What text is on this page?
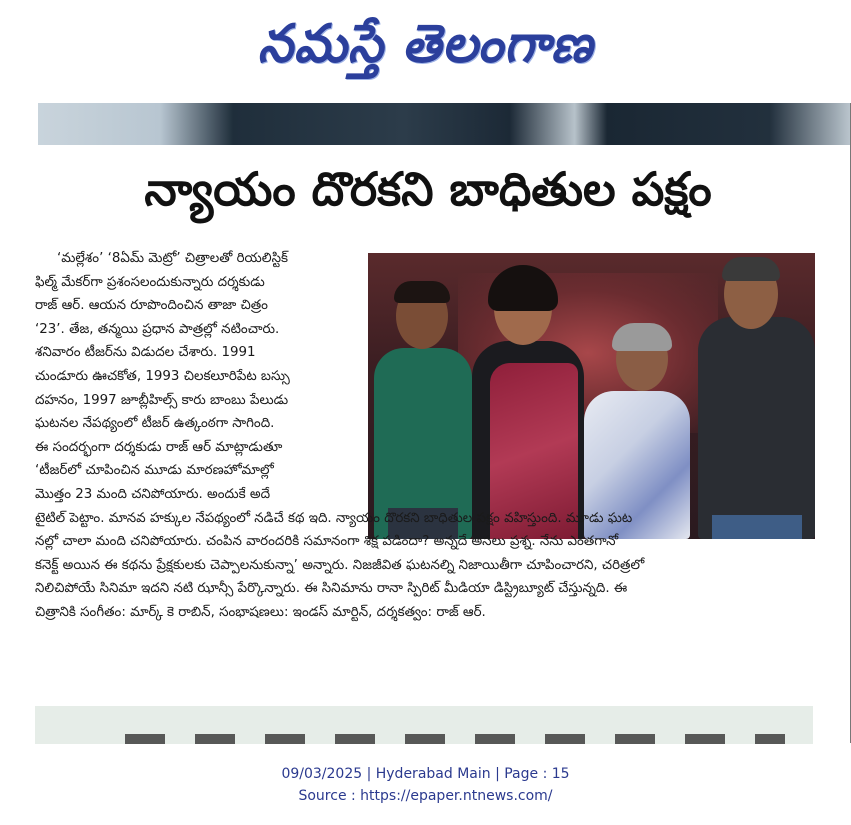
నమస్తే తెలంగాణ
న్యాయం దొరకని బాధితుల పక్షం
‘మల్లేశం’ ‘8ఏమ్ మెట్రో’ చిత్రాలతో రియలిస్టిక్
ఫిల్మ్ మేకర్‌గా ప్రశంసలందుకున్నారు దర్శకుడు
రాజ్ ఆర్. ఆయన రూపొందించిన తాజా చిత్రం
‘23’. తేజ, తన్మయి ప్రధాన పాత్రల్లో నటించారు.
శనివారం టీజర్‌ను విడుదల చేశారు. 1991
చుండూరు ఊచకోత, 1993 చిలకలూరిపేట బస్సు
దహనం, 1997 జూబ్లీహిల్స్ కారు బాంబు పేలుడు
ఘటనల నేపథ్యంలో టీజర్ ఉత్కంఠగా సాగింది.
ఈ సందర్భంగా దర్శకుడు రాజ్ ఆర్ మాట్లాడుతూ
‘టీజర్‌లో చూపించిన మూడు మారణహోమాల్లో
మొత్తం 23 మంది చనిపోయారు. అందుకే అదే
టైటిల్ పెట్టాం. మానవ హక్కుల నేపథ్యంలో నడిచే కథ ఇది. న్యాయం దొరకని బాధితుల పక్షం వహిస్తుంది. మూడు ఘట
నల్లో చాలా మంది చనిపోయారు. చంపిన వారందరికి సమానంగా శిక్ష పడిందా? అన్నదే అసలు ప్రశ్న. నేను ఎంతగానో
కనెక్ట్ అయిన ఈ కథను ప్రేక్షకులకు చెప్పాలనుకున్నా’ అన్నారు. నిజజీవిత ఘటనల్ని నిజాయితీగా చూపించారని, చరిత్రలో
నిలిచిపోయే సినిమా ఇదని నటి ఝాన్సీ పేర్కొన్నారు. ఈ సినిమాను రానా స్పిరిట్ మీడియా డిస్ట్రిబ్యూట్ చేస్తున్నది. ఈ
చిత్రానికి సంగీతం: మార్క్ కె రాబిన్, సంభాషణలు: ఇండస్ మార్టిన్, దర్శకత్వం: రాజ్ ఆర్.
09/03/2025 | Hyderabad Main | Page : 15
Source : https://epaper.ntnews.com/
